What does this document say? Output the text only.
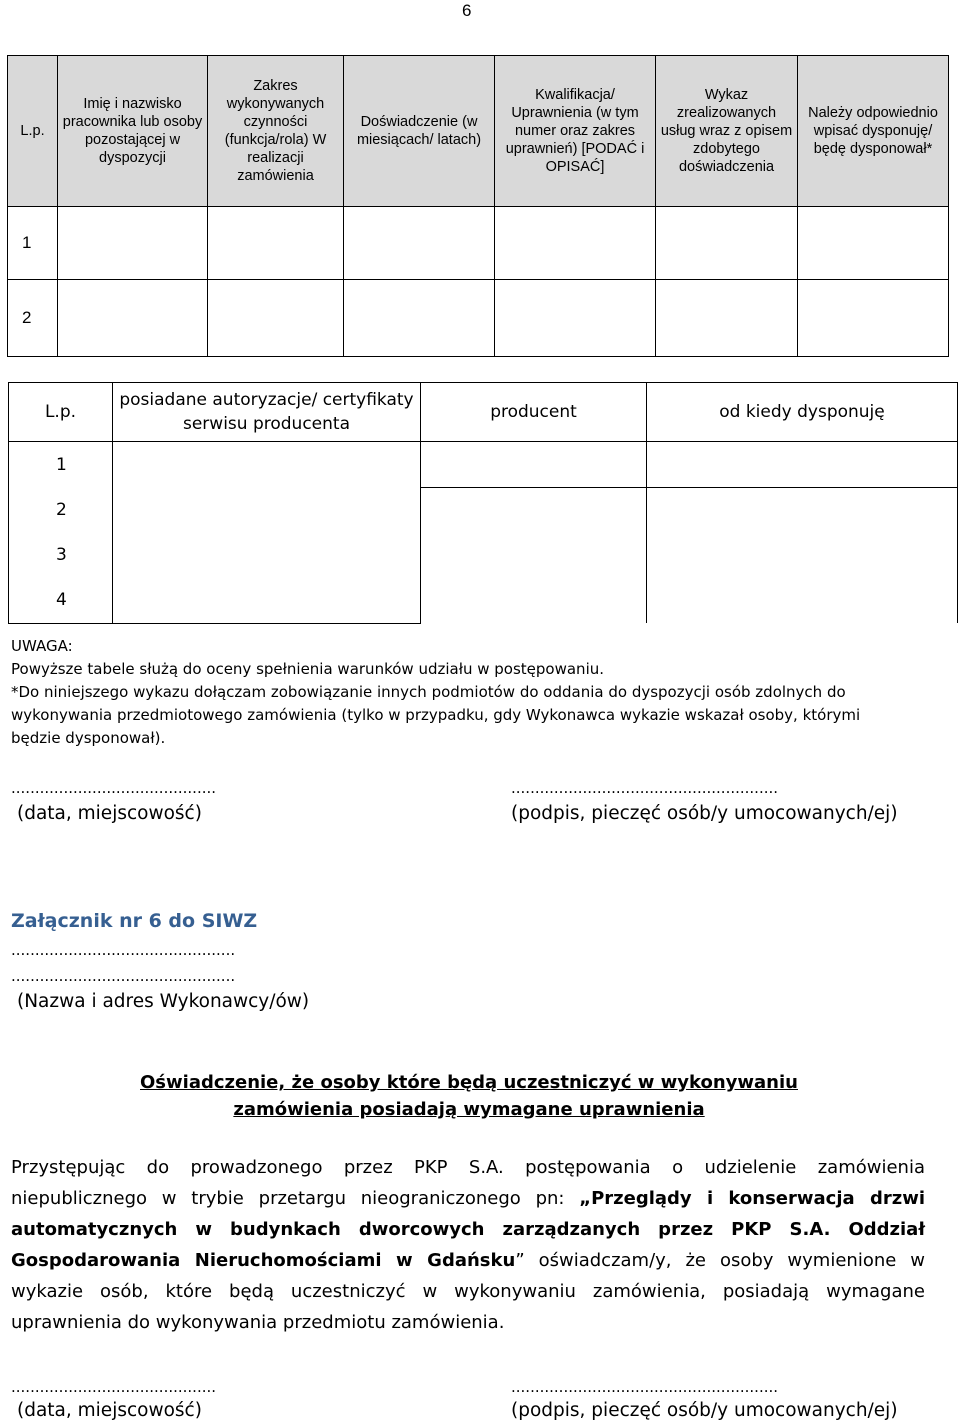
6
L.p.	Imię i nazwisko pracownika lub osoby pozostającej w dyspozycji	Zakres wykonywanych czynności (funkcja/rola) W realizacji zamówienia	Doświadczenie (w miesiącach/ latach)	Kwalifikacja/ Uprawnienia (w tym numer oraz zakres uprawnień) [PODAĆ i OPISAĆ]	Wykaz zrealizowanych usług wraz z opisem zdobytego doświadczenia	Należy odpowiednio wpisać dysponuję/ będę dysponował*
1						
2						
L.p.	posiadane autoryzacje/ certyfikaty serwisu producenta	producent	od kiedy dysponuję
1			
2			
3			
4			
UWAGA:
Powyższe tabele służą do oceny spełnienia warunków udziału w postępowaniu.
*Do niniejszego wykazu dołączam zobowiązanie innych podmiotów do oddania do dyspozycji osób zdolnych do wykonywania przedmiotowego zamówienia (tylko w przypadku, gdy Wykonawca wykazie wskazał osoby, którymi będzie dysponował).
...........................................
(data, miejscowość)
........................................................
(podpis, pieczęć osób/y umocowanych/ej)
Załącznik nr 6 do SIWZ
...............................................
...............................................
(Nazwa i adres Wykonawcy/ów)
Oświadczenie, że osoby które będą uczestniczyć w wykonywaniu
zamówienia posiadają wymagane uprawnienia
Przystępując do prowadzonego przez PKP S.A. postępowania o udzielenie zamówienia niepublicznego w trybie przetargu nieograniczonego pn: „Przeglądy i konserwacja drzwi automatycznych w budynkach dworcowych zarządzanych przez PKP S.A. Oddział Gospodarowania Nieruchomościami w Gdańsku” oświadczam/y, że osoby wymienione w wykazie osób, które będą uczestniczyć w wykonywaniu zamówienia, posiadają wymagane uprawnienia do wykonywania przedmiotu zamówienia.
...........................................
(data, miejscowość)
........................................................
(podpis, pieczęć osób/y umocowanych/ej)
